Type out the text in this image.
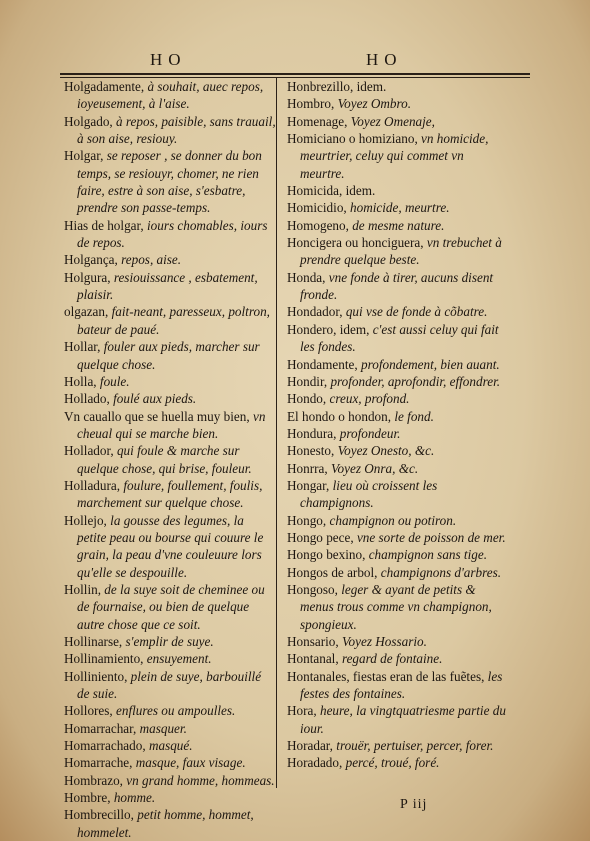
HO	HO

Holgadamente, à souhait, auec repos, ioyeusement, à l'aise.

Holgado, à repos, paisible, sans trauail, à son aise, resiouy.

Holgar, se reposer , se donner du bon temps, se resiouyr, chomer, ne rien faire, estre à son aise, s'esbatre, prendre son passe-temps.

Hias de holgar, iours chomables, iours de repos.

Holgança, repos, aise.

Holgura, resiouissance , esbatement, plaisir.

olgazan, fait-neant, paresseux, poltron, bateur de paué.

Hollar, fouler aux pieds, marcher sur quelque chose.

Holla, foule.

Hollado, foulé aux pieds.

Vn cauallo que se huella muy bien, vn cheual qui se marche bien.

Hollador, qui foule & marche sur quelque chose, qui brise, fouleur.

Holladura, foulure, foullement, foulis, marchement sur quelque chose.

Hollejo, la gousse des legumes, la petite peau ou bourse qui couure le grain, la peau d'vne couleuure lors qu'elle se despouille.

Hollin, de la suye soit de cheminee ou de fournaise, ou bien de quelque autre chose que ce soit.

Hollinarse, s'emplir de suye.

Hollinamiento, ensuyement.

Holliniento, plein de suye, barbouillé de suie.

Hollores, enflures ou ampoulles.

Homarrachar, masquer.

Homarrachado, masqué.

Homarrache, masque, faux visage.

Hombrazo, vn grand homme, hommeas.

Hombre, homme.

Hombrecillo, petit homme, hommet, hommelet.

Honbrezillo, idem.

Hombro, Voyez Ombro.

Homenage, Voyez Omenaje,

Homiciano o homiziano, vn homicide, meurtrier, celuy qui commet vn meurtre.

Homicida, idem.

Homicidio, homicide, meurtre.

Homogeno, de mesme nature.

Honcigera ou honciguera, vn trebuchet à prendre quelque beste.

Honda, vne fonde à tirer, aucuns disent fronde.

Hondador, qui vse de fonde à cõbatre.

Hondero, idem, c'est aussi celuy qui fait les fondes.

Hondamente, profondement, bien auant.

Hondir, profonder, aprofondir, effondrer.

Hondo, creux, profond.

El hondo o hondon, le fond.

Hondura, profondeur.

Honesto, Voyez Onesto, &c.

Honrra, Voyez Onra, &c.

Hongar, lieu où croissent les champignons.

Hongo, champignon ou potiron.

Hongo pece, vne sorte de poisson de mer.

Hongo bexino, champignon sans tige.

Hongos de arbol, champignons d'arbres.

Hongoso, leger & ayant de petits & menus trous comme vn champignon, spongieux.

Honsario, Voyez Hossario.

Hontanal, regard de fontaine.

Hontanales, fiestas eran de las fuẽtes, les festes des fontaines.

Hora, heure, la vingtquatriesme partie du iour.

Horadar, trouër, pertuiser, percer, forer.

Horadado, percé, troué, foré.

P iij
